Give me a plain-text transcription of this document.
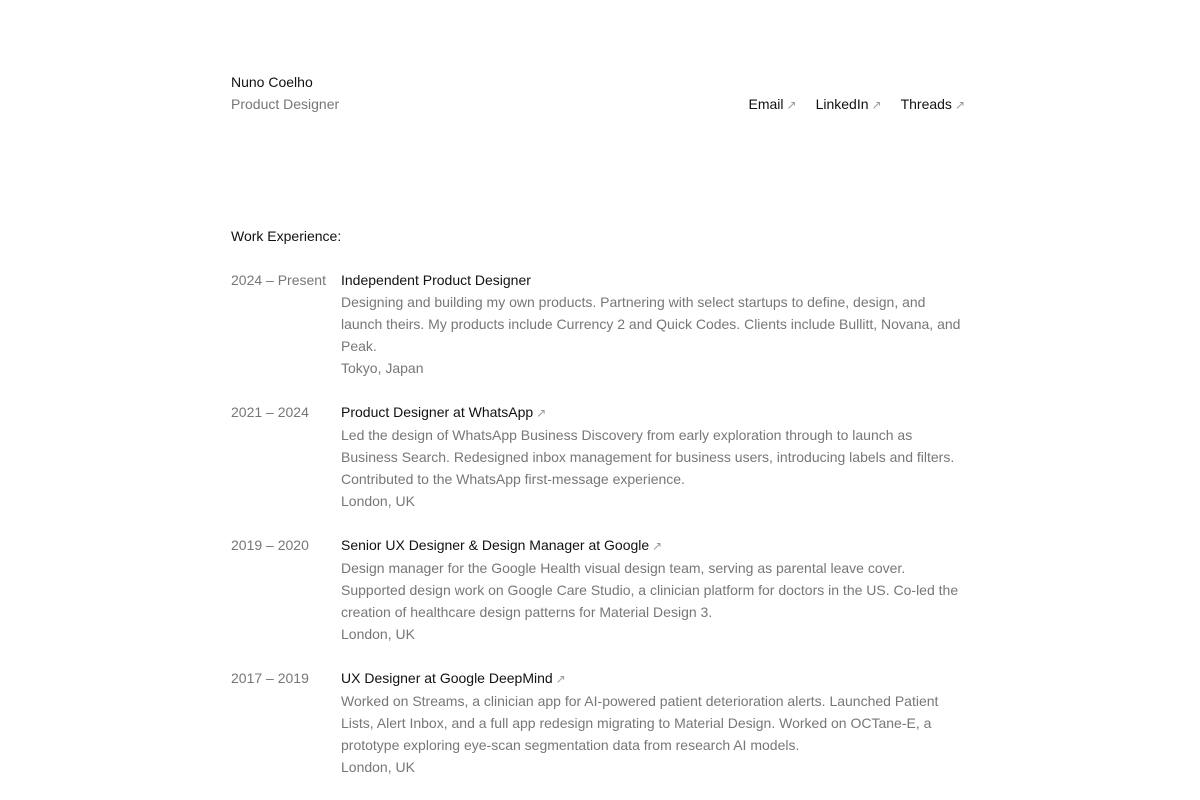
Nuno Coelho
Product Designer	Email ↗ LinkedIn ↗ Threads ↗
Work Experience:
2024 – Present	Independent Product Designer
Designing and building my own products. Partnering with select startups to define, design, and launch theirs. My products include Currency 2 and Quick Codes. Clients include Bullitt, Novana, and Peak.
Tokyo, Japan
2021 – 2024	Product Designer at WhatsApp ↗
Led the design of WhatsApp Business Discovery from early exploration through to launch as Business Search. Redesigned inbox management for business users, introducing labels and filters. Contributed to the WhatsApp first-message experience.
London, UK
2019 – 2020	Senior UX Designer & Design Manager at Google ↗
Design manager for the Google Health visual design team, serving as parental leave cover. Supported design work on Google Care Studio, a clinician platform for doctors in the US. Co-led the creation of healthcare design patterns for Material Design 3.
London, UK
2017 – 2019	UX Designer at Google DeepMind ↗
Worked on Streams, a clinician app for AI-powered patient deterioration alerts. Launched Patient Lists, Alert Inbox, and a full app redesign migrating to Material Design. Worked on OCTane-E, a prototype exploring eye-scan segmentation data from research AI models.
London, UK
